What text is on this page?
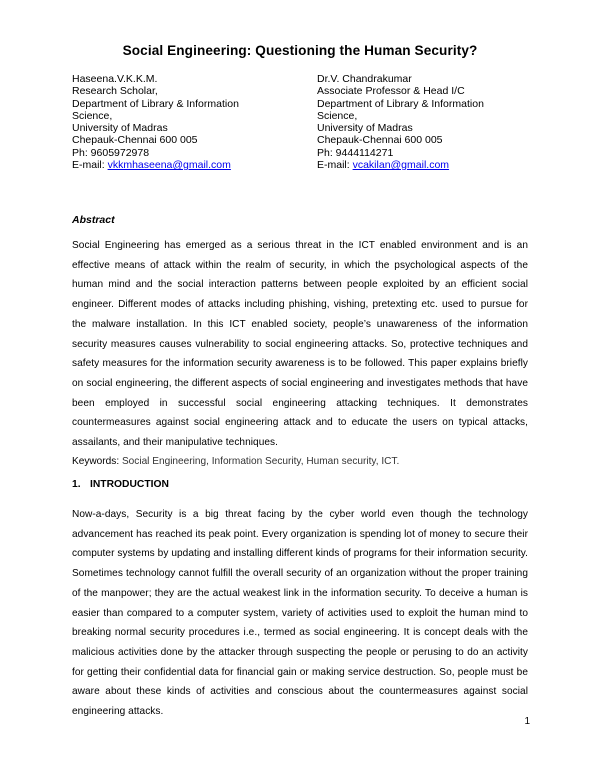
Social Engineering: Questioning the Human Security?
Haseena.V.K.K.M.
Research Scholar,
Department of Library & Information
Science,
University of Madras
Chepauk-Chennai 600 005
Ph: 9605972978
E-mail: vkkmhaseena@gmail.com
Dr.V. Chandrakumar
Associate Professor & Head I/C
Department of Library & Information
Science,
University of Madras
Chepauk-Chennai 600 005
Ph: 9444114271
E-mail: vcakilan@gmail.com
Abstract
Social Engineering has emerged as a serious threat in the ICT enabled environment and is an effective means of attack within the realm of security, in which the psychological aspects of the human mind and the social interaction patterns between people exploited by an efficient social engineer. Different modes of attacks including phishing, vishing, pretexting etc. used to pursue for the malware installation. In this ICT enabled society, people’s unawareness of the information security measures causes vulnerability to social engineering attacks. So, protective techniques and safety measures for the information security awareness is to be followed. This paper explains briefly on social engineering, the different aspects of social engineering and investigates methods that have been employed in successful social engineering attacking techniques. It demonstrates countermeasures against social engineering attack and to educate the users on typical attacks, assailants, and their manipulative techniques.
Keywords: Social Engineering, Information Security, Human security, ICT.
1. INTRODUCTION
Now-a-days, Security is a big threat facing by the cyber world even though the technology advancement has reached its peak point. Every organization is spending lot of money to secure their computer systems by updating and installing different kinds of programs for their information security. Sometimes technology cannot fulfill the overall security of an organization without the proper training of the manpower; they are the actual weakest link in the information security. To deceive a human is easier than compared to a computer system, variety of activities used to exploit the human mind to breaking normal security procedures i.e., termed as social engineering. It is concept deals with the malicious activities done by the attacker through suspecting the people or perusing to do an activity for getting their confidential data for financial gain or making service destruction. So, people must be aware about these kinds of activities and conscious about the countermeasures against social engineering attacks.
1
